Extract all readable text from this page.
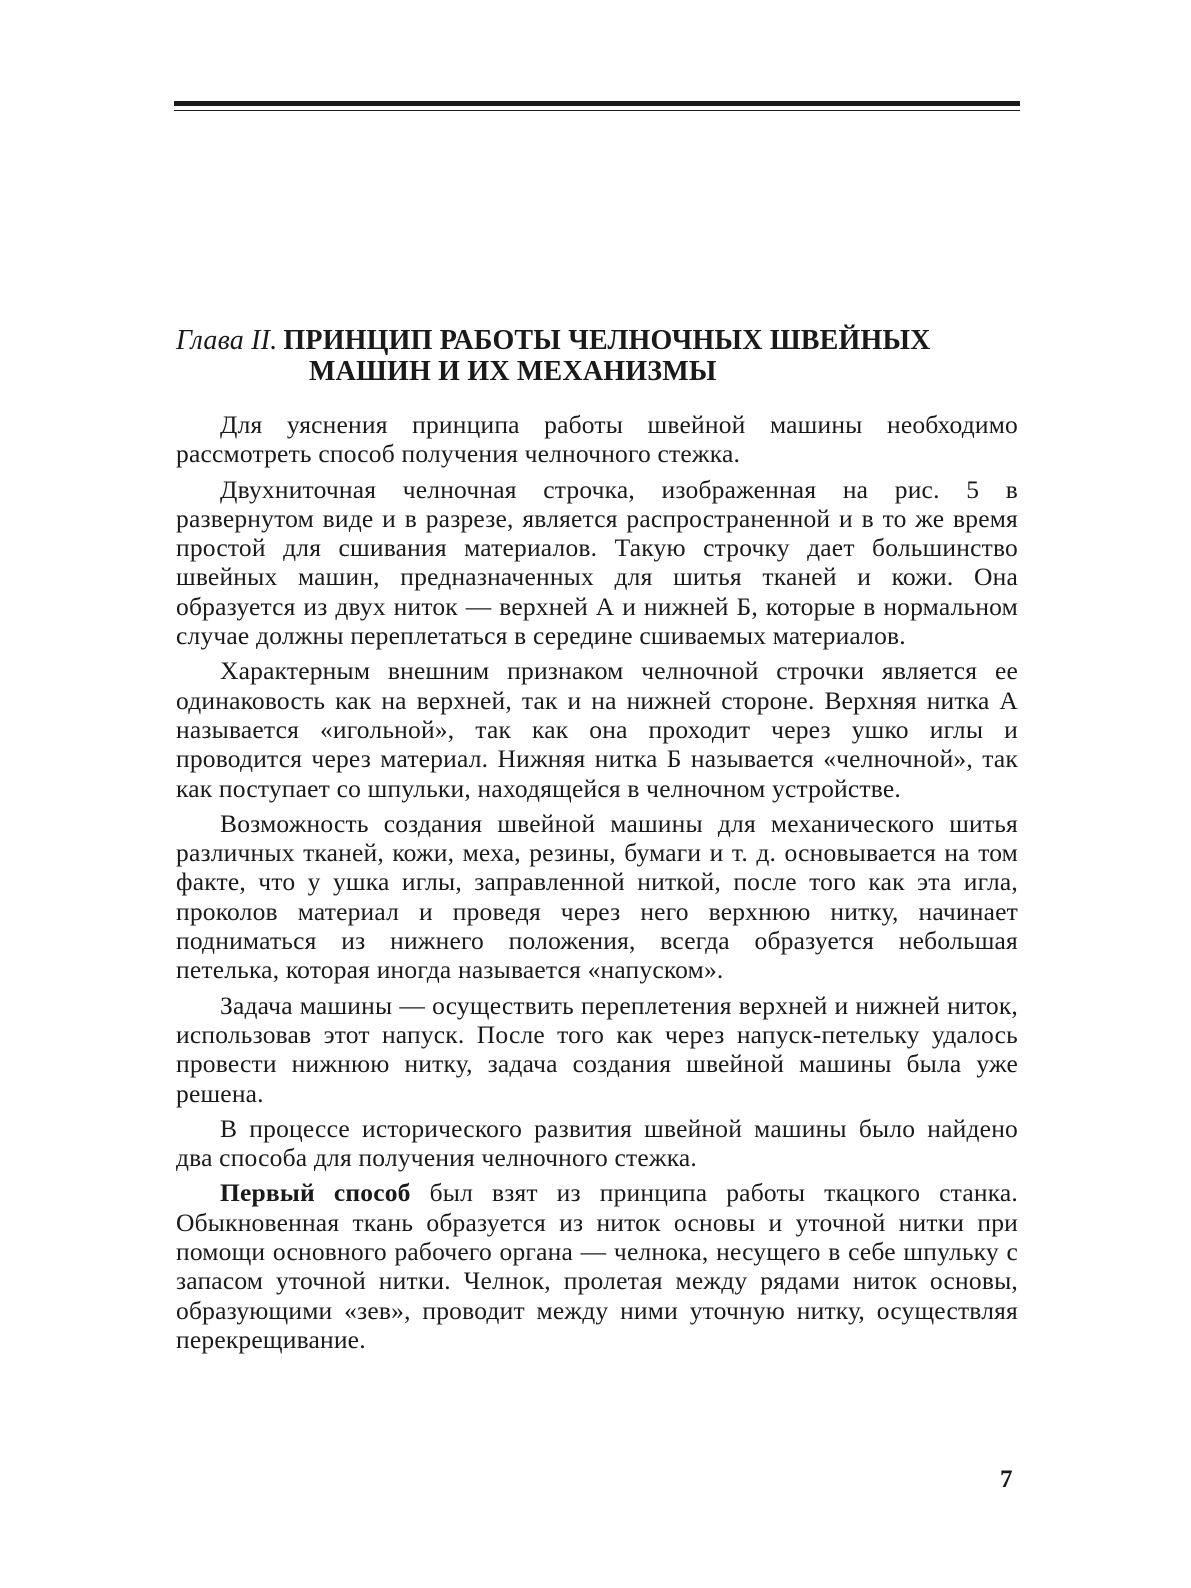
Глава II. ПРИНЦИП РАБОТЫ ЧЕЛНОЧНЫХ ШВЕЙНЫХ
МАШИН И ИХ МЕХАНИЗМЫ

Для уяснения принципа работы швейной машины необходимо рассмотреть способ получения челночного стежка.

Двухниточная челночная строчка, изображенная на рис. 5 в развернутом виде и в разрезе, является распространенной и в то же время простой для сшивания материалов. Такую строчку дает большинство швейных машин, предназначенных для шитья тканей и кожи. Она образуется из двух ниток — верхней А и нижней Б, которые в нормальном случае должны переплетаться в середине сшиваемых материалов.

Характерным внешним признаком челночной строчки является ее одинаковость как на верхней, так и на нижней стороне. Верхняя нитка А называется «игольной», так как она проходит через ушко иглы и проводится через материал. Нижняя нитка Б называется «челночной», так как поступает со шпульки, находящейся в челночном устройстве.

Возможность создания швейной машины для механического шитья различных тканей, кожи, меха, резины, бумаги и т. д. основывается на том факте, что у ушка иглы, заправленной ниткой, после того как эта игла, проколов материал и проведя через него верхнюю нитку, начинает подниматься из нижнего положения, всегда образуется небольшая петелька, которая иногда называется «напуском».

Задача машины — осуществить переплетения верхней и нижней ниток, использовав этот напуск. После того как через напуск-петельку удалось провести нижнюю нитку, задача создания швейной машины была уже решена.

В процессе исторического развития швейной машины было найдено два способа для получения челночного стежка.

Первый способ был взят из принципа работы ткацкого станка. Обыкновенная ткань образуется из ниток основы и уточной нитки при помощи основного рабочего органа — челнока, несущего в себе шпульку с запасом уточной нитки. Челнок, пролетая между рядами ниток основы, образующими «зев», проводит между ними уточную нитку, осуществляя перекрещивание.

7
